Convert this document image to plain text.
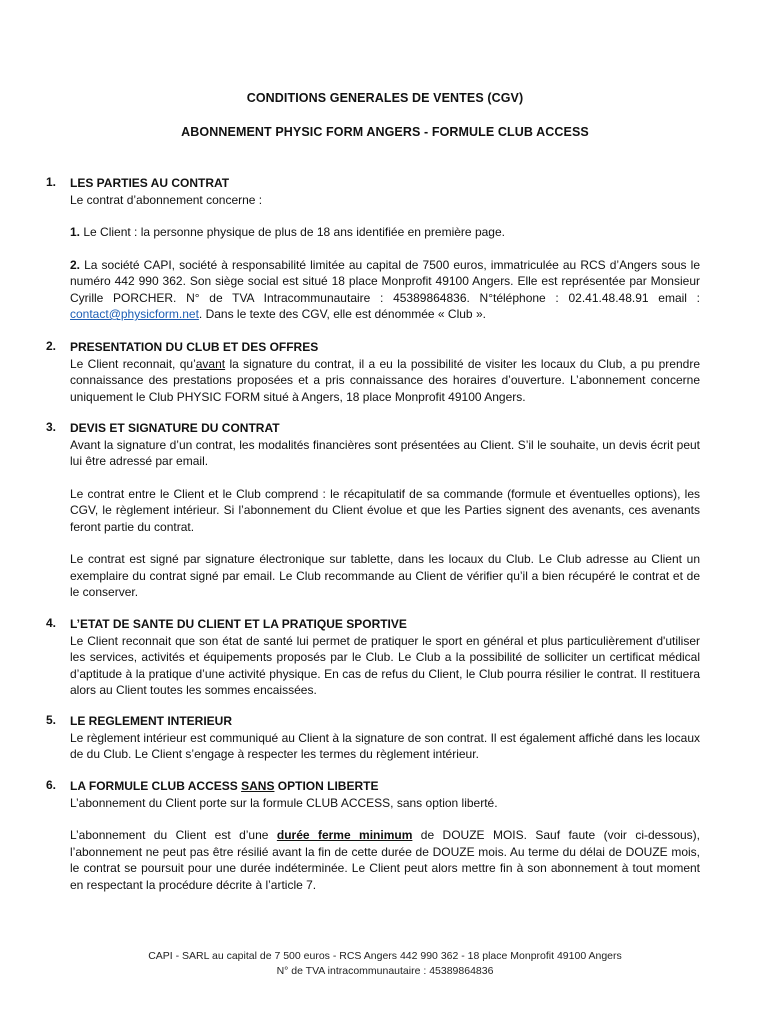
CONDITIONS GENERALES DE VENTES (CGV)
ABONNEMENT PHYSIC FORM ANGERS - FORMULE CLUB ACCESS
1. LES PARTIES AU CONTRAT

Le contrat d’abonnement concerne :

1. Le Client : la personne physique de plus de 18 ans identifiée en première page.

2. La société CAPI, société à responsabilité limitée au capital de 7500 euros, immatriculée au RCS d’Angers sous le numéro 442 990 362. Son siège social est situé 18 place Monprofit 49100 Angers. Elle est représentée par Monsieur Cyrille PORCHER. N° de TVA Intracommunautaire : 45389864836. N°téléphone : 02.41.48.48.91 email : contact@physicform.net. Dans le texte des CGV, elle est dénommée « Club ».

2. PRESENTATION DU CLUB ET DES OFFRES

Le Client reconnait, qu’avant la signature du contrat, il a eu la possibilité de visiter les locaux du Club, a pu prendre connaissance des prestations proposées et a pris connaissance des horaires d’ouverture. L’abonnement concerne uniquement le Club PHYSIC FORM situé à Angers, 18 place Monprofit 49100 Angers.

3. DEVIS ET SIGNATURE DU CONTRAT

Avant la signature d’un contrat, les modalités financières sont présentées au Client. S’il le souhaite, un devis écrit peut lui être adressé par email.

Le contrat entre le Client et le Club comprend : le récapitulatif de sa commande (formule et éventuelles options), les CGV, le règlement intérieur. Si l’abonnement du Client évolue et que les Parties signent des avenants, ces avenants feront partie du contrat.

Le contrat est signé par signature électronique sur tablette, dans les locaux du Club. Le Club adresse au Client un exemplaire du contrat signé par email. Le Club recommande au Client de vérifier qu’il a bien récupéré le contrat et de le conserver.

4. L’ETAT DE SANTE DU CLIENT ET LA PRATIQUE SPORTIVE

Le Client reconnait que son état de santé lui permet de pratiquer le sport en général et plus particulièrement d'utiliser les services, activités et équipements proposés par le Club. Le Club a la possibilité de solliciter un certificat médical d’aptitude à la pratique d’une activité physique. En cas de refus du Client, le Club pourra résilier le contrat. Il restituera alors au Client toutes les sommes encaissées.

5. LE REGLEMENT INTERIEUR

Le règlement intérieur est communiqué au Client à la signature de son contrat. Il est également affiché dans les locaux de du Club. Le Client s’engage à respecter les termes du règlement intérieur.

6. LA FORMULE CLUB ACCESS SANS OPTION LIBERTE

L’abonnement du Client porte sur la formule CLUB ACCESS, sans option liberté.

L’abonnement du Client est d’une durée ferme minimum de DOUZE MOIS. Sauf faute (voir ci-dessous), l’abonnement ne peut pas être résilié avant la fin de cette durée de DOUZE mois. Au terme du délai de DOUZE mois, le contrat se poursuit pour une durée indéterminée. Le Client peut alors mettre fin à son abonnement à tout moment en respectant la procédure décrite à l’article 7.

CAPI - SARL au capital de 7 500 euros - RCS Angers 442 990 362 - 18 place Monprofit 49100 Angers
N° de TVA intracommunautaire : 45389864836
